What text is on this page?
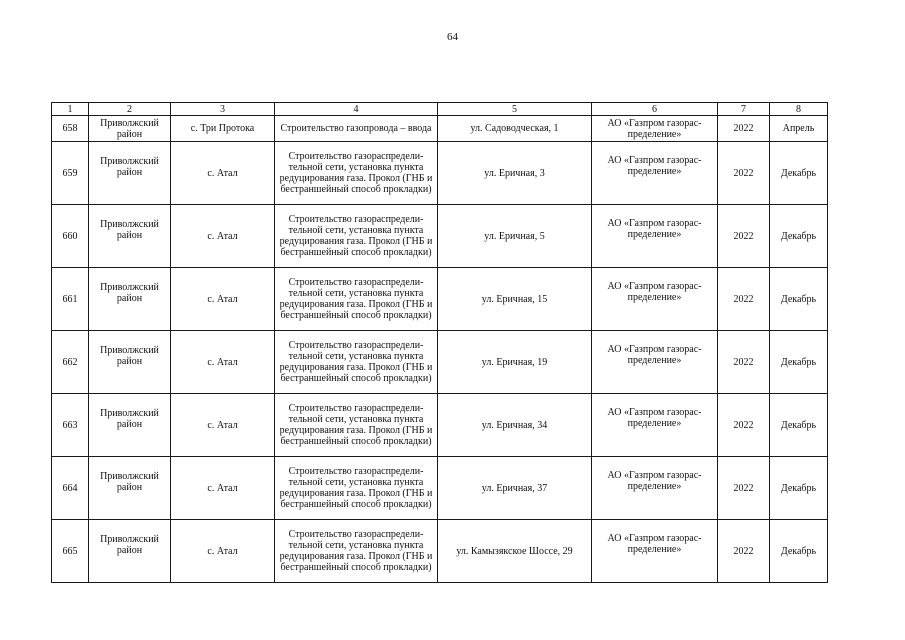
64
1	2	3	4	5	6	7	8
658	Приволжский район	с. Три Протока	Строительство газопровода – ввода	ул. Садоводческая, 1	АО «Газпром газорас-пределение»	2022	Апрель
659	Приволжский район	с. Атал	Строительство газораспредели-тельной сети, установка пункта редуцирования газа. Прокол (ГНБ и бестраншейный способ прокладки)	ул. Еричная, 3	АО «Газпром газорас-пределение»	2022	Декабрь
660	Приволжский район	с. Атал	Строительство газораспредели-тельной сети, установка пункта редуцирования газа. Прокол (ГНБ и бестраншейный способ прокладки)	ул. Еричная, 5	АО «Газпром газорас-пределение»	2022	Декабрь
661	Приволжский район	с. Атал	Строительство газораспредели-тельной сети, установка пункта редуцирования газа. Прокол (ГНБ и бестраншейный способ прокладки)	ул. Еричная, 15	АО «Газпром газорас-пределение»	2022	Декабрь
662	Приволжский район	с. Атал	Строительство газораспредели-тельной сети, установка пункта редуцирования газа. Прокол (ГНБ и бестраншейный способ прокладки)	ул. Еричная, 19	АО «Газпром газорас-пределение»	2022	Декабрь
663	Приволжский район	с. Атал	Строительство газораспредели-тельной сети, установка пункта редуцирования газа. Прокол (ГНБ и бестраншейный способ прокладки)	ул. Еричная, 34	АО «Газпром газорас-пределение»	2022	Декабрь
664	Приволжский район	с. Атал	Строительство газораспредели-тельной сети, установка пункта редуцирования газа. Прокол (ГНБ и бестраншейный способ прокладки)	ул. Еричная, 37	АО «Газпром газорас-пределение»	2022	Декабрь
665	Приволжский район	с. Атал	Строительство газораспредели-тельной сети, установка пункта редуцирования газа. Прокол (ГНБ и бестраншейный способ прокладки)	ул. Камызякское Шоссе, 29	АО «Газпром газорас-пределение»	2022	Декабрь
